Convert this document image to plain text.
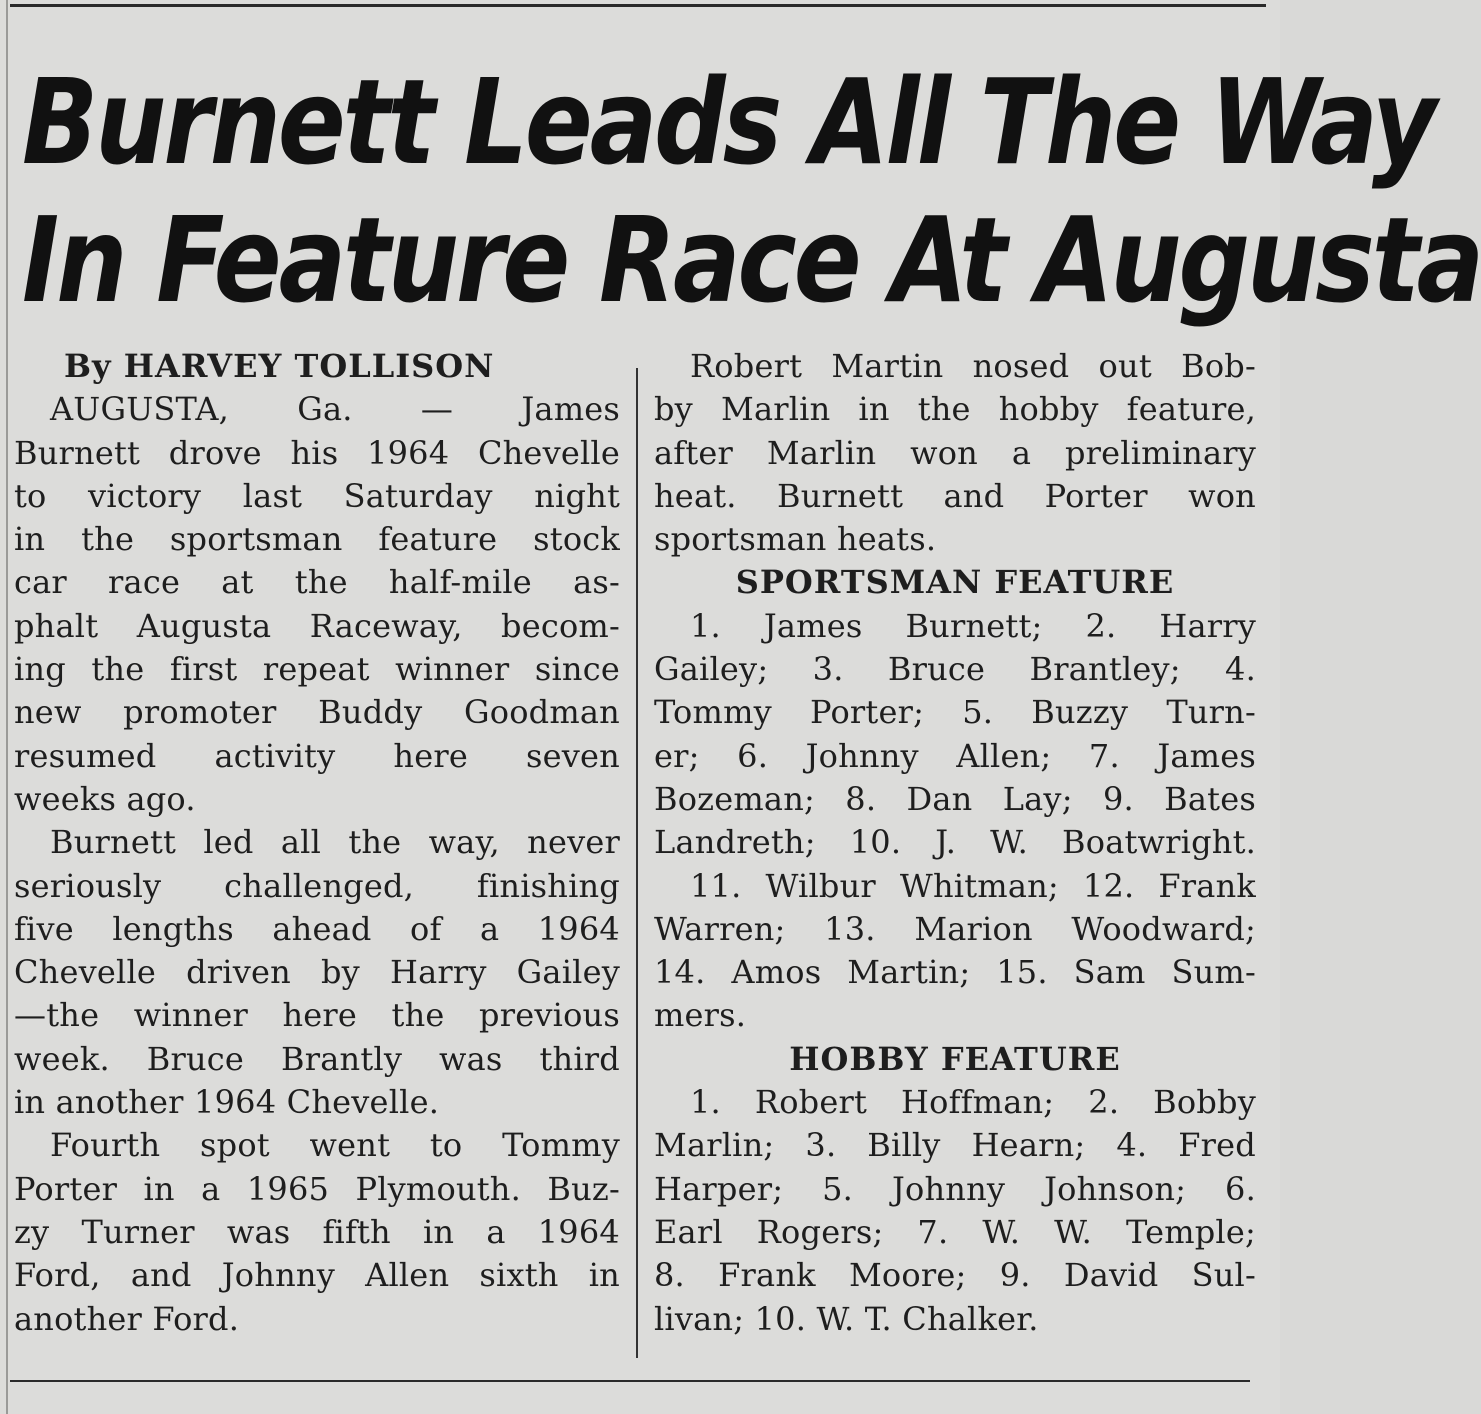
Burnett Leads All The Way
In Feature Race At Augusta
By HARVEY TOLLISON
AUGUSTA, Ga. — James
Burnett drove his 1964 Chevelle
to victory last Saturday night
in the sportsman feature stock
car race at the half-mile as-
phalt Augusta Raceway, becom-
ing the first repeat winner since
new promoter Buddy Goodman
resumed activity here seven
weeks ago.
Burnett led all the way, never
seriously challenged, finishing
five lengths ahead of a 1964
Chevelle driven by Harry Gailey
—the winner here the previous
week. Bruce Brantly was third
in another 1964 Chevelle.
Fourth spot went to Tommy
Porter in a 1965 Plymouth. Buz-
zy Turner was fifth in a 1964
Ford, and Johnny Allen sixth in
another Ford.
Robert Martin nosed out Bob-
by Marlin in the hobby feature,
after Marlin won a preliminary
heat. Burnett and Porter won
sportsman heats.
SPORTSMAN FEATURE
1. James Burnett; 2. Harry
Gailey; 3. Bruce Brantley; 4.
Tommy Porter; 5. Buzzy Turn-
er; 6. Johnny Allen; 7. James
Bozeman; 8. Dan Lay; 9. Bates
Landreth; 10. J. W. Boatwright.
11. Wilbur Whitman; 12. Frank
Warren; 13. Marion Woodward;
14. Amos Martin; 15. Sam Sum-
mers.
HOBBY FEATURE
1. Robert Hoffman; 2. Bobby
Marlin; 3. Billy Hearn; 4. Fred
Harper; 5. Johnny Johnson; 6.
Earl Rogers; 7. W. W. Temple;
8. Frank Moore; 9. David Sul-
livan; 10. W. T. Chalker.
